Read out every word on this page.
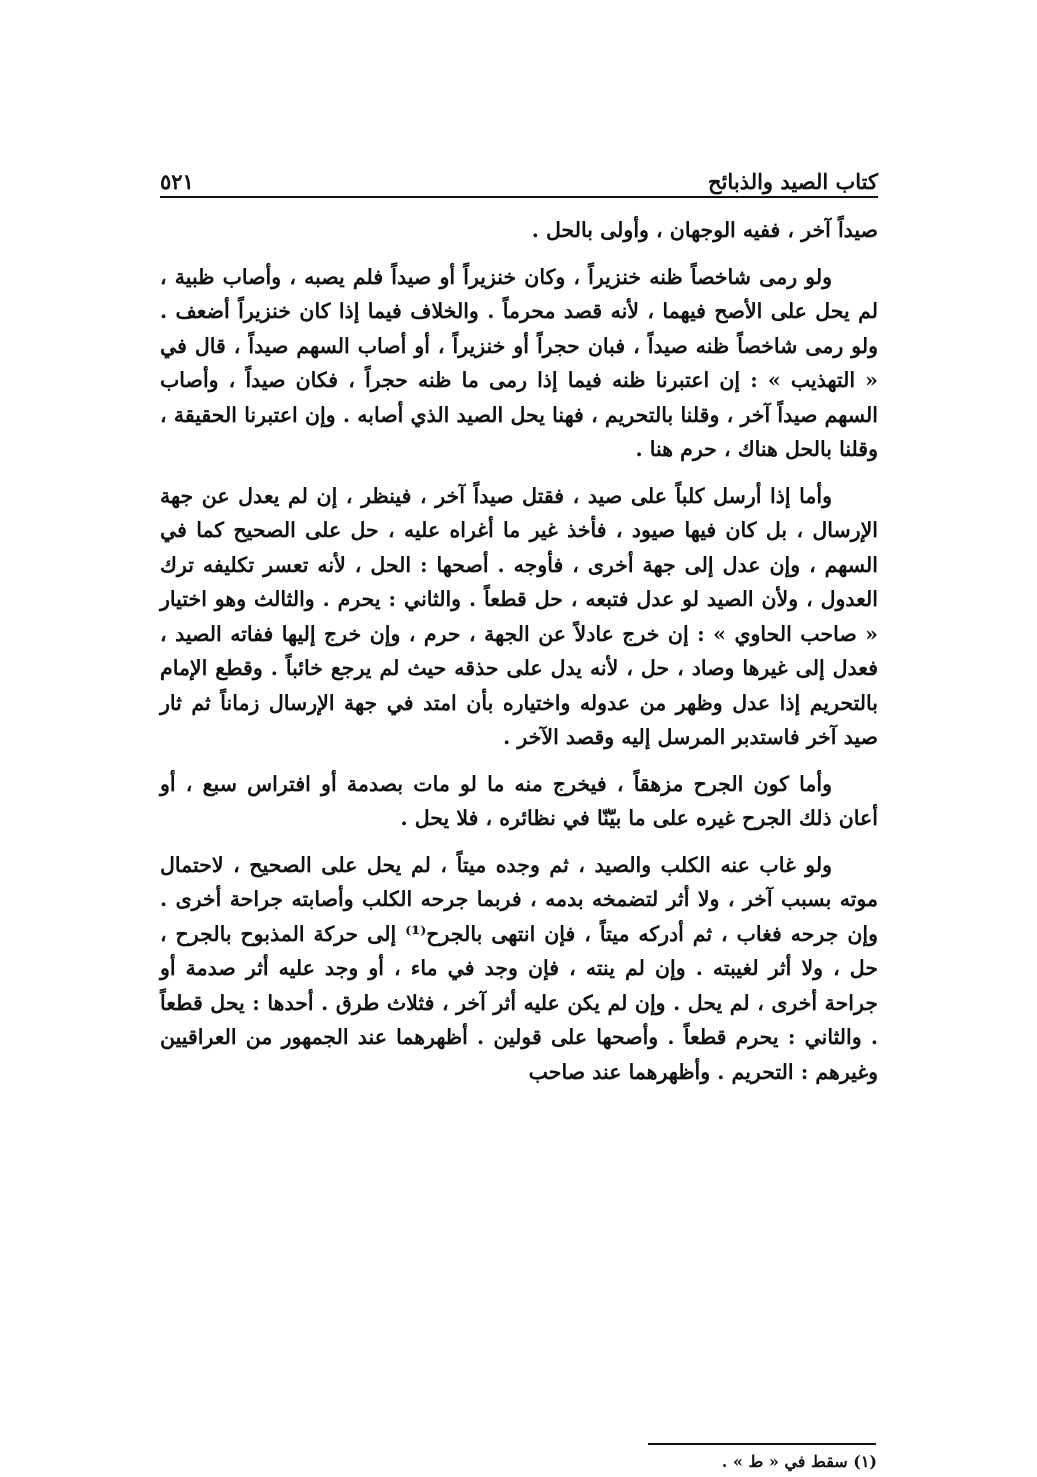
كتاب الصيد والذبائح
٥٢١

صيداً آخر ، ففيه الوجهان ، وأولى بالحل .

ولو رمى شاخصاً ظنه خنزيراً ، وكان خنزيراً أو صيداً فلم يصبه ، وأصاب ظبية ، لم يحل على الأصح فيهما ، لأنه قصد محرماً . والخلاف فيما إذا كان خنزيراً أضعف . ولو رمى شاخصاً ظنه صيداً ، فبان حجراً أو خنزيراً ، أو أصاب السهم صيداً ، قال في « التهذيب » : إن اعتبرنا ظنه فيما إذا رمى ما ظنه حجراً ، فكان صيداً ، وأصاب السهم صيداً آخر ، وقلنا بالتحريم ، فهنا يحل الصيد الذي أصابه . وإن اعتبرنا الحقيقة ، وقلنا بالحل هناك ، حرم هنا .

وأما إذا أرسل كلباً على صيد ، فقتل صيداً آخر ، فينظر ، إن لم يعدل عن جهة الإرسال ، بل كان فيها صيود ، فأخذ غير ما أغراه عليه ، حل على الصحيح كما في السهم ، وإن عدل إلى جهة أخرى ، فأوجه . أصحها : الحل ، لأنه تعسر تكليفه ترك العدول ، ولأن الصيد لو عدل فتبعه ، حل قطعاً . والثاني : يحرم . والثالث وهو اختيار « صاحب الحاوي » : إن خرج عادلاً عن الجهة ، حرم ، وإن خرج إليها ففاته الصيد ، فعدل إلى غيرها وصاد ، حل ، لأنه يدل على حذقه حيث لم يرجع خائباً . وقطع الإمام بالتحريم إذا عدل وظهر من عدوله واختياره بأن امتد في جهة الإرسال زماناً ثم ثار صيد آخر فاستدبر المرسل إليه وقصد الآخر .

وأما كون الجرح مزهقاً ، فيخرج منه ما لو مات بصدمة أو افتراس سبع ، أو أعان ذلك الجرح غيره على ما بيّنّا في نظائره ، فلا يحل .

ولو غاب عنه الكلب والصيد ، ثم وجده ميتاً ، لم يحل على الصحيح ، لاحتمال موته بسبب آخر ، ولا أثر لتضمخه بدمه ، فربما جرحه الكلب وأصابته جراحة أخرى . وإن جرحه فغاب ، ثم أدركه ميتاً ، فإن انتهى بالجرح⁽¹⁾ إلى حركة المذبوح بالجرح ، حل ، ولا أثر لغيبته . وإن لم ينته ، فإن وجد في ماء ، أو وجد عليه أثر صدمة أو جراحة أخرى ، لم يحل . وإن لم يكن عليه أثر آخر ، فثلاث طرق . أحدها : يحل قطعاً . والثاني : يحرم قطعاً . وأصحها على قولين . أظهرهما عند الجمهور من العراقيين وغيرهم : التحريم . وأظهرهما عند صاحب

(١) سقط في « ط » .
